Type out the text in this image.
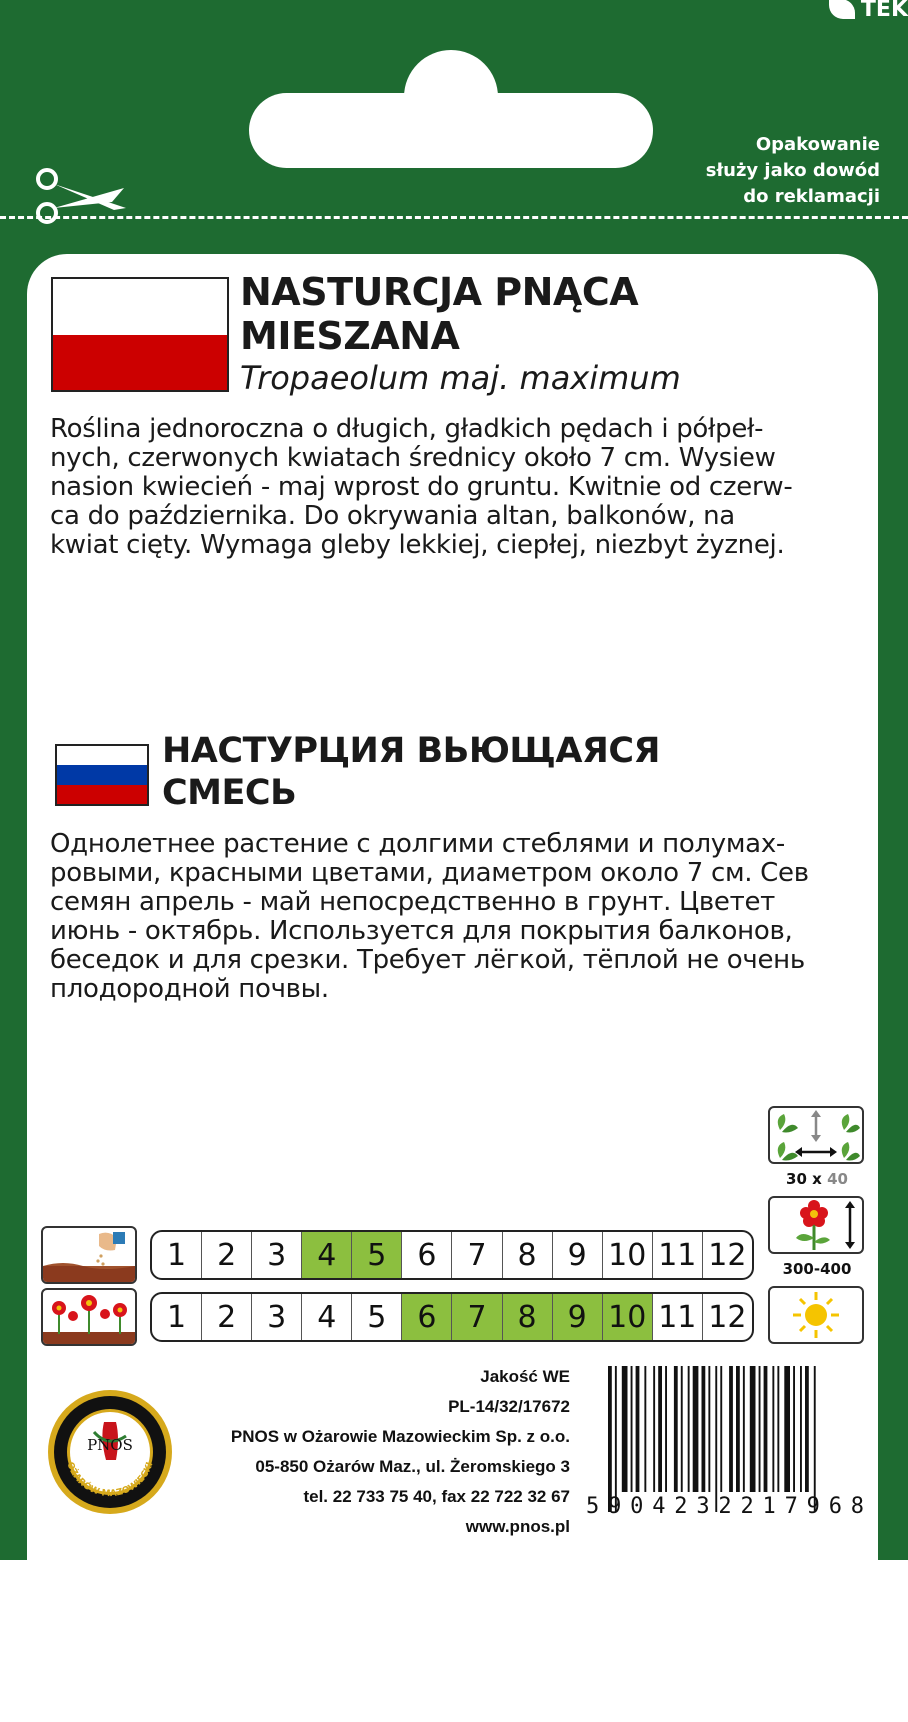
TEK
Opakowanie
służy jako dowód
do reklamacji
NASTURCJA PNĄCA
MIESZANA
Tropaeolum maj. maximum
Roślina jednoroczna o długich, gładkich pędach i półpeł-
nych, czerwonych kwiatach średnicy około 7 cm. Wysiew
nasion kwiecień - maj wprost do gruntu. Kwitnie od czerw-
ca do października. Do okrywania altan, balkonów, na
kwiat cięty. Wymaga gleby lekkiej, ciepłej, niezbyt żyznej.
НАСТУРЦИЯ ВЬЮЩАЯСЯ
СМЕСЬ
Однолетнее растение с долгими стеблями и полумах-
ровыми, красными цветами, диаметром около 7 см. Сев
семян апрель - май непосредственно в грунт. Цветет
июнь - октябрь. Используется для покрытия балконов,
беседок и для срезки. Требует лёгкой, тёплой не очень
плодородной почвы.
30 x 40
300-400
1	2	3	4	5	6	7	8	9 10 11 12
1	2	3	4	5	6	7	8	9 10 11 12
Jakość WE
PL-14/32/17672
PNOS w Ożarowie Mazowieckim Sp. z o.o.
05-850 Ożarów Maz., ul. Żeromskiego 3
tel. 22 733 75 40, fax 22 722 32 67
www.pnos.pl
PNOS
OŻARÓW MAZOWIECKI
5 9 0 4 2 3 2 2 1 7 9 6 8
